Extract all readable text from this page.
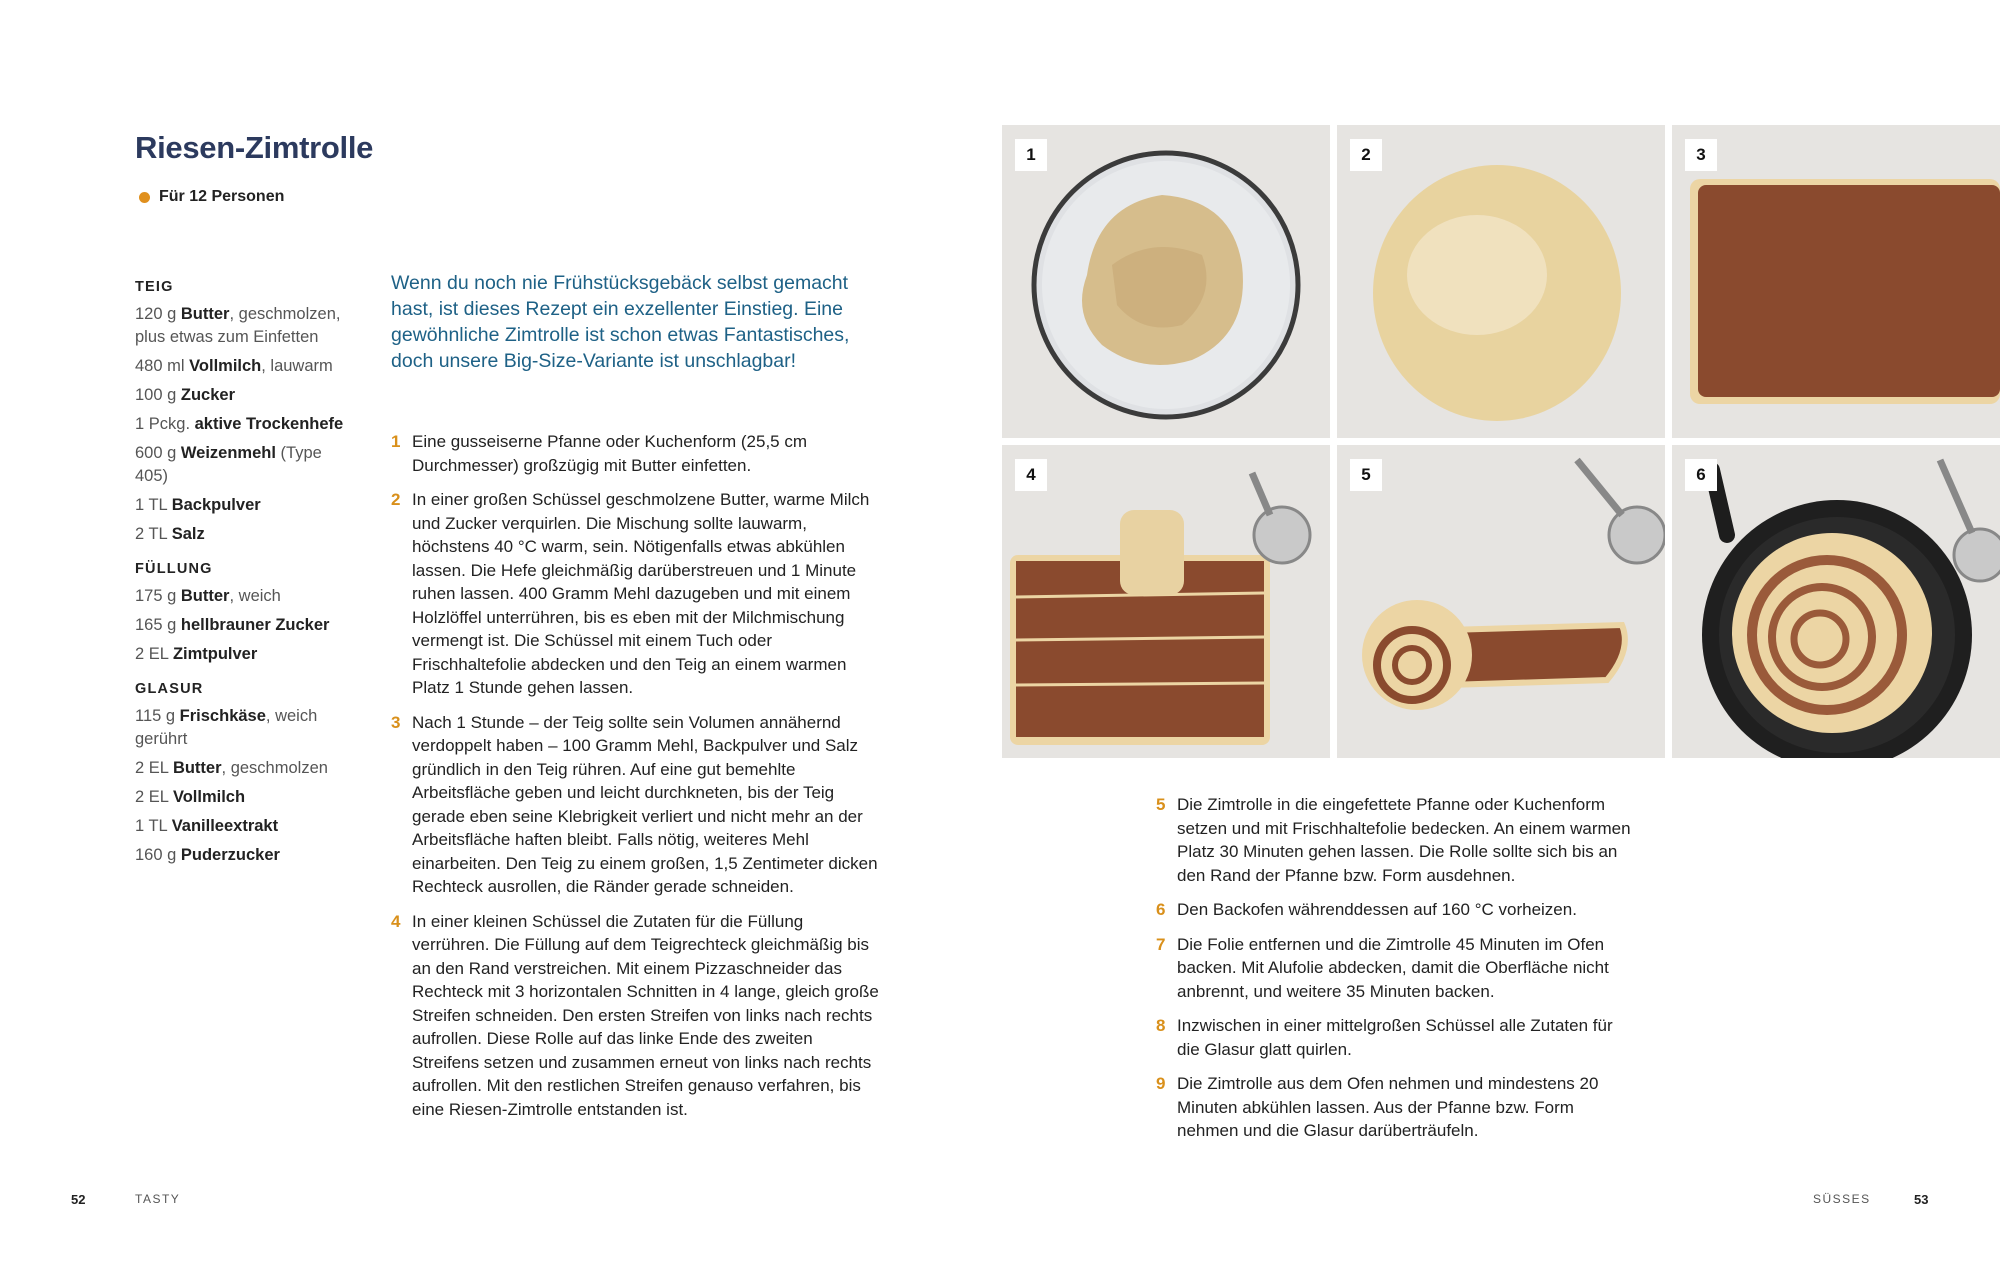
Riesen-Zimtrolle
Für 12 Personen
TEIG
120 g Butter, geschmolzen, plus etwas zum Einfetten
480 ml Vollmilch, lauwarm
100 g Zucker
1 Pckg. aktive Trockenhefe
600 g Weizenmehl (Type 405)
1 TL Backpulver
2 TL Salz
FÜLLUNG
175 g Butter, weich
165 g hellbrauner Zucker
2 EL Zimtpulver
GLASUR
115 g Frischkäse, weich gerührt
2 EL Butter, geschmolzen
2 EL Vollmilch
1 TL Vanilleextrakt
160 g Puderzucker
Wenn du noch nie Frühstücksgebäck selbst gemacht hast, ist dieses Rezept ein exzellenter Einstieg. Eine gewöhnliche Zimtrolle ist schon etwas Fantastisches, doch unsere Big-Size-Variante ist unschlagbar!
1 Eine gusseiserne Pfanne oder Kuchenform (25,5 cm Durchmesser) großzügig mit Butter einfetten.
2 In einer großen Schüssel geschmolzene Butter, warme Milch und Zucker verquirlen. Die Mischung sollte lauwarm, höchstens 40 °C warm, sein. Nötigenfalls etwas abkühlen lassen. Die Hefe gleichmäßig darüberstreuen und 1 Minute ruhen lassen. 400 Gramm Mehl dazugeben und mit einem Holzlöffel unterrühren, bis es eben mit der Milchmischung vermengt ist. Die Schüssel mit einem Tuch oder Frischhaltefolie abdecken und den Teig an einem warmen Platz 1 Stunde gehen lassen.
3 Nach 1 Stunde – der Teig sollte sein Volumen annähernd verdoppelt haben – 100 Gramm Mehl, Backpulver und Salz gründlich in den Teig rühren. Auf eine gut bemehlte Arbeitsfläche geben und leicht durchkneten, bis der Teig gerade eben seine Klebrigkeit verliert und nicht mehr an der Arbeitsfläche haften bleibt. Falls nötig, weiteres Mehl einarbeiten. Den Teig zu einem großen, 1,5 Zentimeter dicken Rechteck ausrollen, die Ränder gerade schneiden.
4 In einer kleinen Schüssel die Zutaten für die Füllung verrühren. Die Füllung auf dem Teigrechteck gleichmäßig bis an den Rand verstreichen. Mit einem Pizzaschneider das Rechteck mit 3 horizontalen Schnitten in 4 lange, gleich große Streifen schneiden. Den ersten Streifen von links nach rechts aufrollen. Diese Rolle auf das linke Ende des zweiten Streifens setzen und zusammen erneut von links nach rechts aufrollen. Mit den restlichen Streifen genauso verfahren, bis eine Riesen-Zimtrolle entstanden ist.
1	2	3
4	5	6
5 Die Zimtrolle in die eingefettete Pfanne oder Kuchenform setzen und mit Frischhaltefolie bedecken. An einem warmen Platz 30 Minuten gehen lassen. Die Rolle sollte sich bis an den Rand der Pfanne bzw. Form ausdehnen.
6 Den Backofen währenddessen auf 160 °C vorheizen.
7 Die Folie entfernen und die Zimtrolle 45 Minuten im Ofen backen. Mit Alufolie abdecken, damit die Oberfläche nicht anbrennt, und weitere 35 Minuten backen.
8 Inzwischen in einer mittelgroßen Schüssel alle Zutaten für die Glasur glatt quirlen.
9 Die Zimtrolle aus dem Ofen nehmen und mindestens 20 Minuten abkühlen lassen. Aus der Pfanne bzw. Form nehmen und die Glasur darüberträufeln.
52	TASTY	SÜSSES	53
